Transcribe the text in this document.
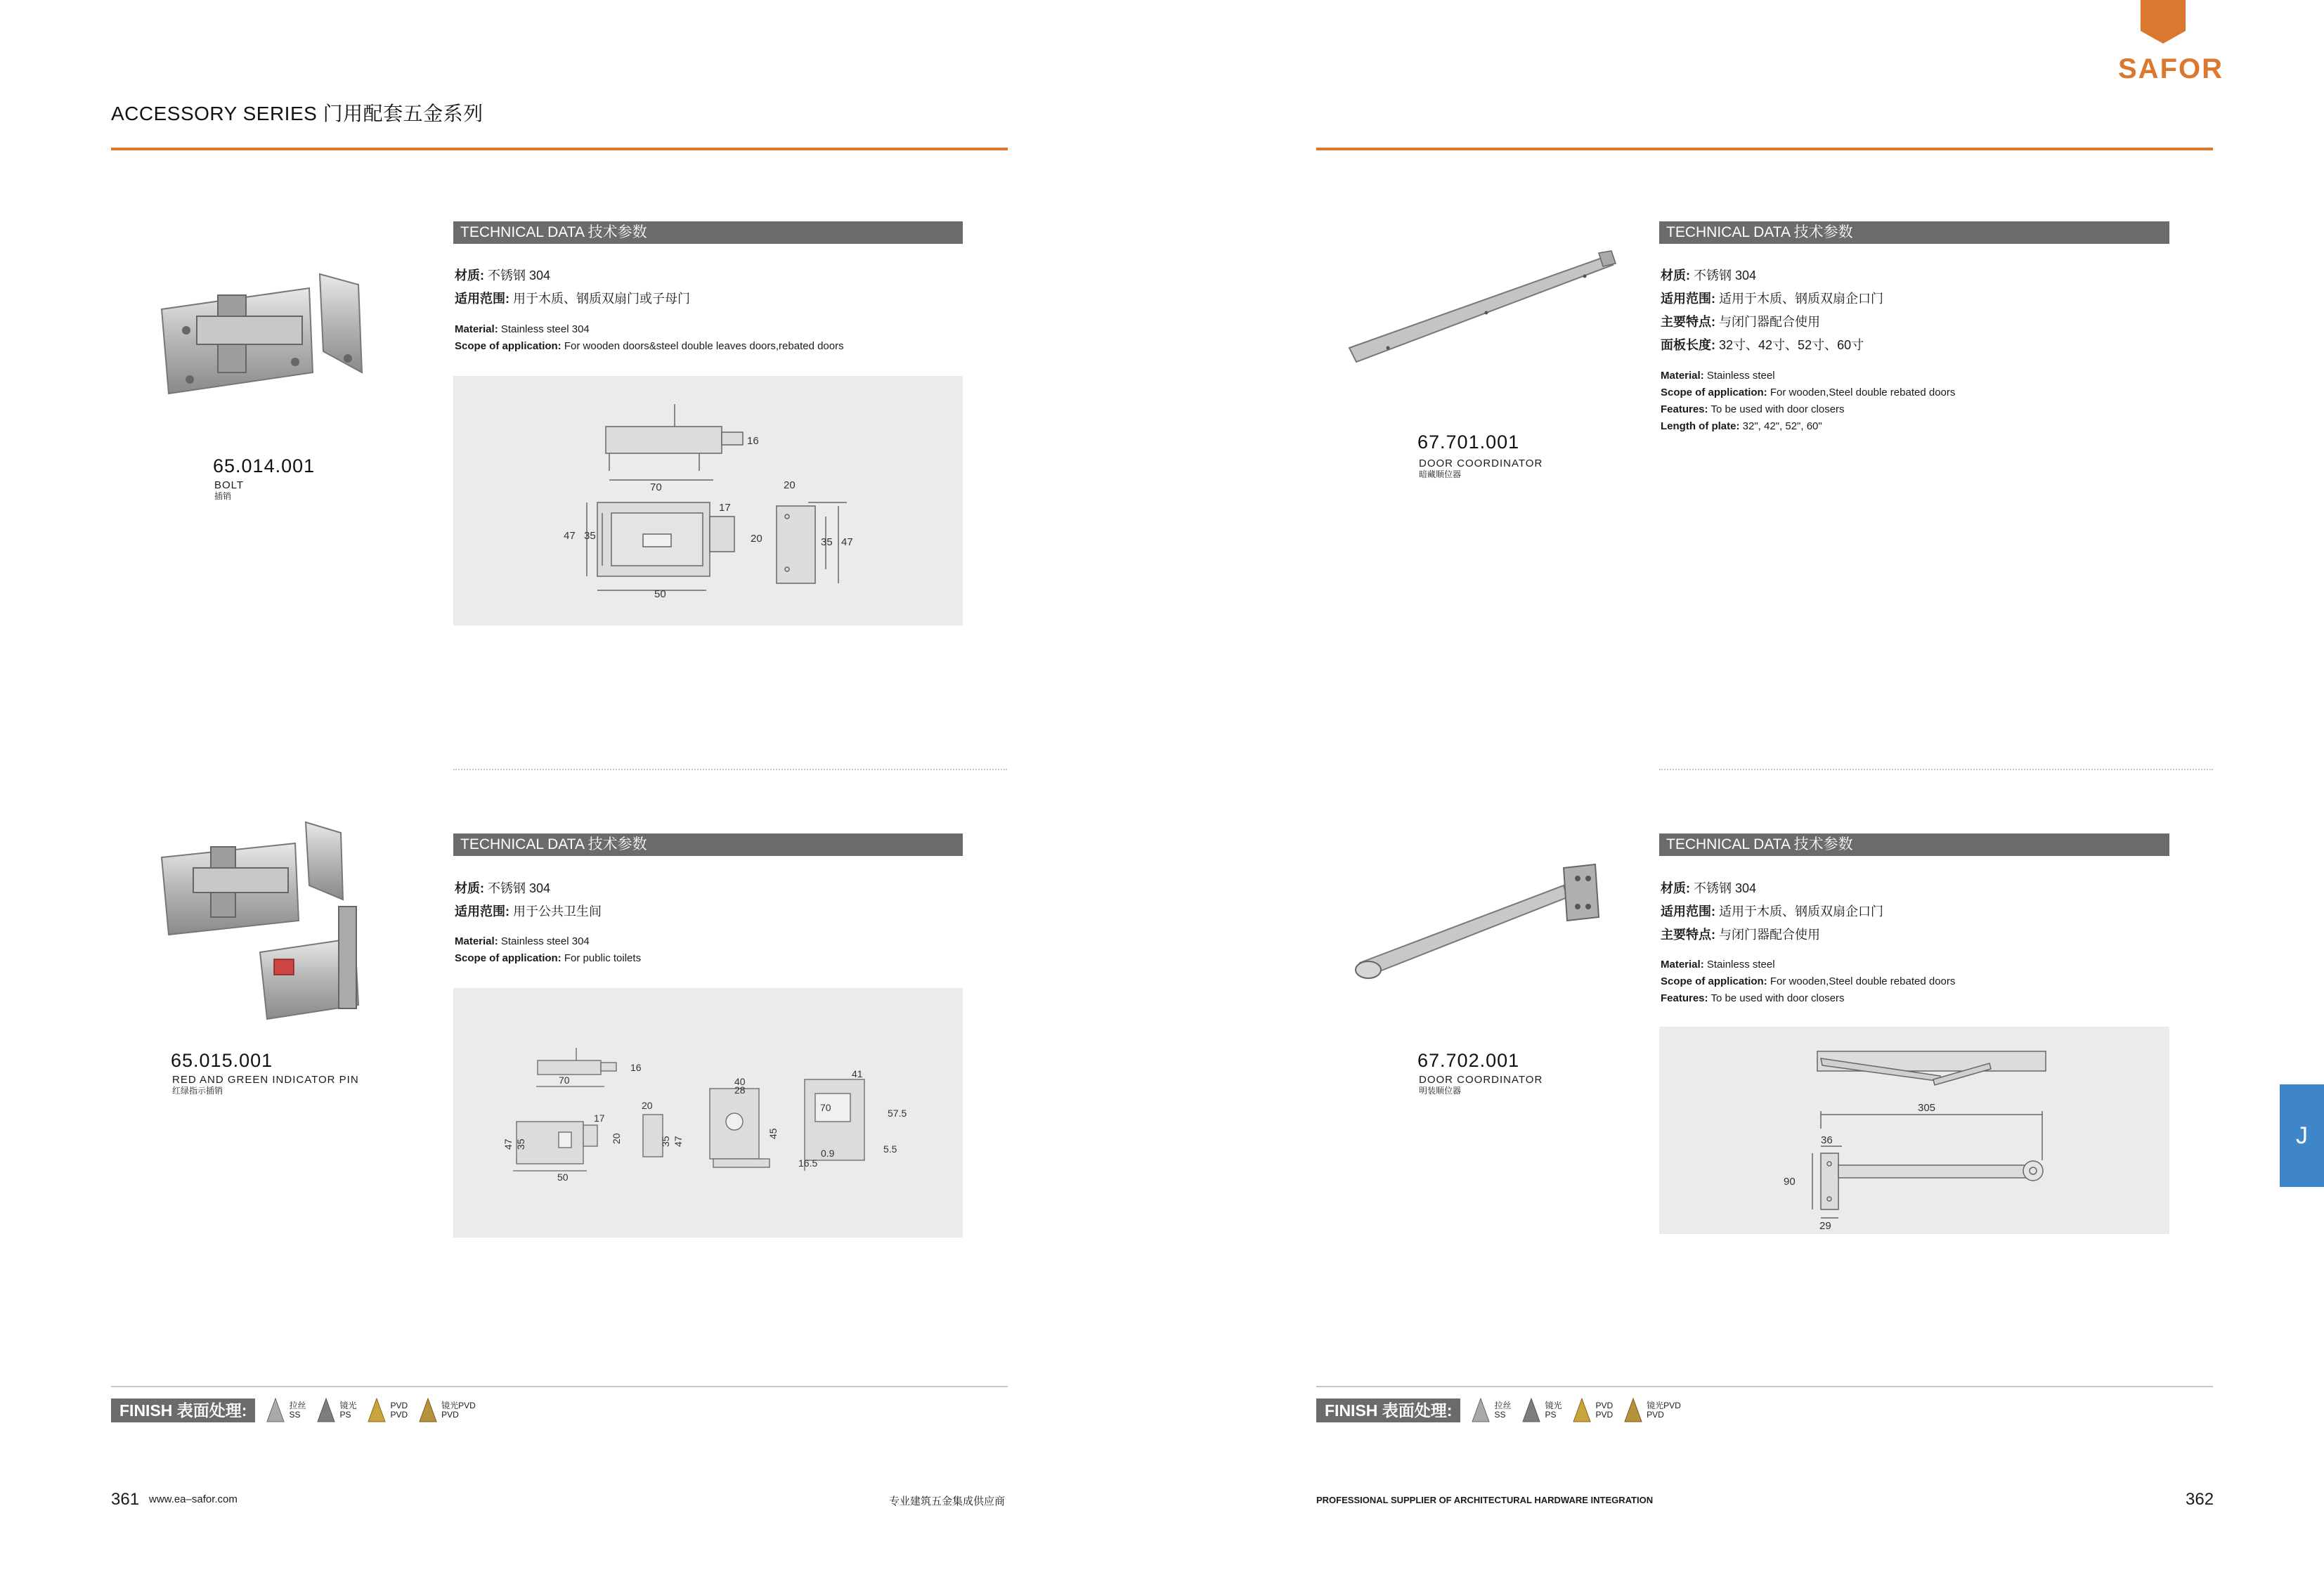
ACCESSORY SERIES 门用配套五金系列
SAFOR
J
65.014.001
BOLT
插销
TECHNICAL DATA 技术参数
材质: 不锈钢 304
适用范围: 用于木质、钢质双扇门或子母门
Material: Stainless steel 304
Scope of application: For wooden doors&steel double leaves doors,rebated doors
16
70	20
17
47 35	20	35 47
50
65.015.001
RED AND GREEN INDICATOR PIN
红绿指示插销
TECHNICAL DATA 技术参数
材质: 不锈钢 304
适用范围: 用于公共卫生间
Material: Stainless steel 304
Scope of application: For public toilets
16
70
17
47 35
20
20
35 47
50
40
28
45
41
70	57.5
0.9	5.5
16.5
67.701.001
DOOR COORDINATOR
暗藏顺位器
TECHNICAL DATA 技术参数
材质: 不锈钢 304
适用范围: 适用于木质、钢质双扇企口门
主要特点: 与闭门器配合使用
面板长度: 32寸、42寸、52寸、60寸
Material: Stainless steel
Scope of application: For wooden,Steel double rebated doors
Features: To be used with door closers
Length of plate: 32", 42", 52", 60"
67.702.001
DOOR COORDINATOR
明装顺位器
TECHNICAL DATA 技术参数
材质: 不锈钢 304
适用范围: 适用于木质、钢质双扇企口门
主要特点: 与闭门器配合使用
Material: Stainless steel
Scope of application: For wooden,Steel double rebated doors
Features: To be used with door closers
305
36
90
29
FINISH 表面处理:	拉丝
SS
镜光
PS
PVD
PVD
镜光PVD
PVD	FINISH 表面处理:	拉丝
SS
镜光
PS
PVD
PVD
镜光PVD
PVD
361 www.ea–safor.com	专业建筑五金集成供应商	PROFESSIONAL SUPPLIER OF ARCHITECTURAL HARDWARE INTEGRATION	362
